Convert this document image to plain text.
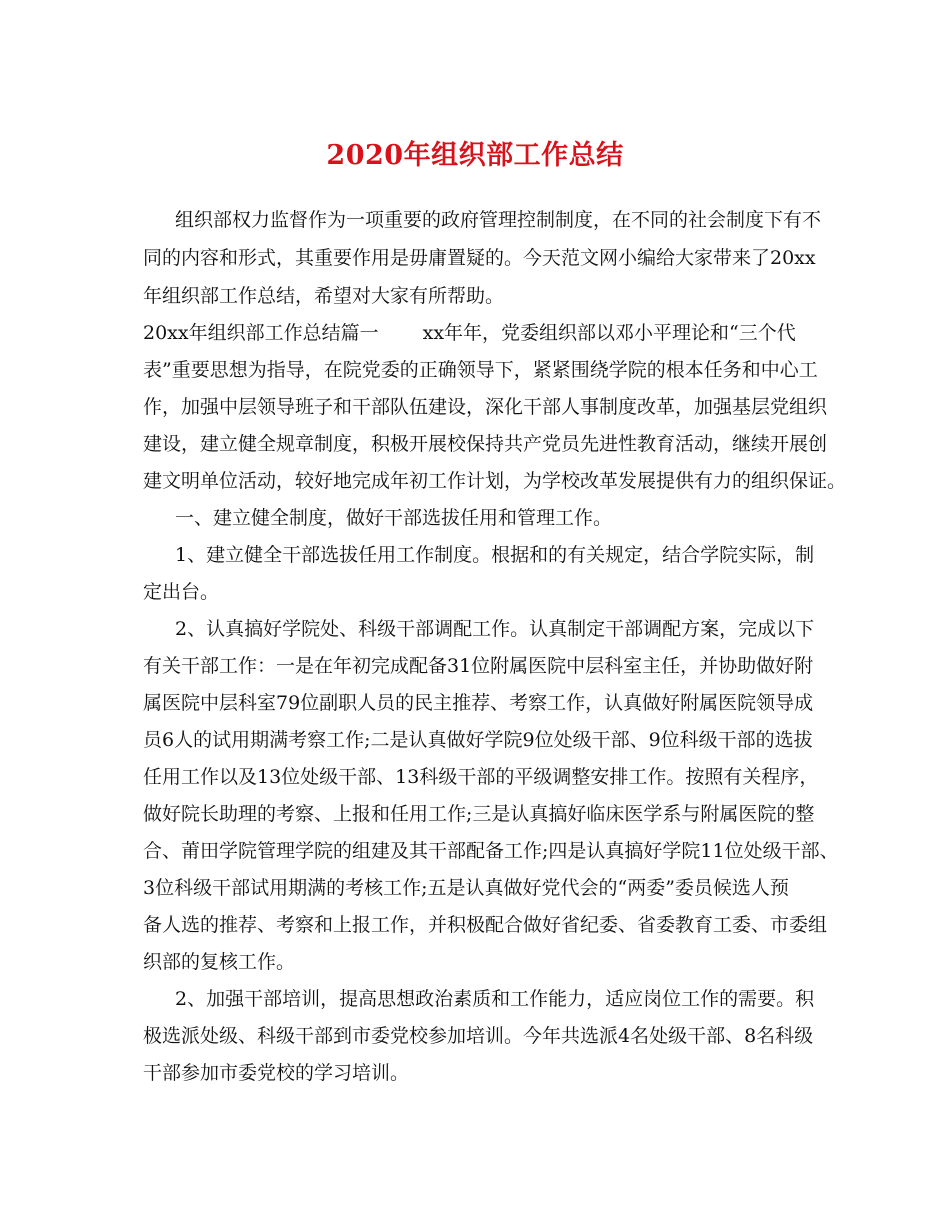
2020年组织部工作总结

组织部权力监督作为一项重要的政府管理控制制度，在不同的社会制度下有不

同的内容和形式，其重要作用是毋庸置疑的。今天范文网小编给大家带来了20xx

年组织部工作总结，希望对大家有所帮助。

20xx年组织部工作总结篇一 xx年年，党委组织部以邓小平理论和“三个代

表”重要思想为指导，在院党委的正确领导下，紧紧围绕学院的根本任务和中心工

作，加强中层领导班子和干部队伍建设，深化干部人事制度改革，加强基层党组织

建设，建立健全规章制度，积极开展校保持共产党员先进性教育活动，继续开展创

建文明单位活动，较好地完成年初工作计划，为学校改革发展提供有力的组织保证。

一、建立健全制度，做好干部选拔任用和管理工作。

1、建立健全干部选拔任用工作制度。根据和的有关规定，结合学院实际，制

定出台。

2、认真搞好学院处、科级干部调配工作。认真制定干部调配方案，完成以下

有关干部工作：一是在年初完成配备31位附属医院中层科室主任，并协助做好附

属医院中层科室79位副职人员的民主推荐、考察工作，认真做好附属医院领导成

员6人的试用期满考察工作;二是认真做好学院9位处级干部、9位科级干部的选拔

任用工作以及13位处级干部、13科级干部的平级调整安排工作。按照有关程序，

做好院长助理的考察、上报和任用工作;三是认真搞好临床医学系与附属医院的整

合、莆田学院管理学院的组建及其干部配备工作;四是认真搞好学院11位处级干部、

3位科级干部试用期满的考核工作;五是认真做好党代会的“两委”委员候选人预

备人选的推荐、考察和上报工作，并积极配合做好省纪委、省委教育工委、市委组

织部的复核工作。

2、加强干部培训，提高思想政治素质和工作能力，适应岗位工作的需要。积

极选派处级、科级干部到市委党校参加培训。今年共选派4名处级干部、8名科级

干部参加市委党校的学习培训。
